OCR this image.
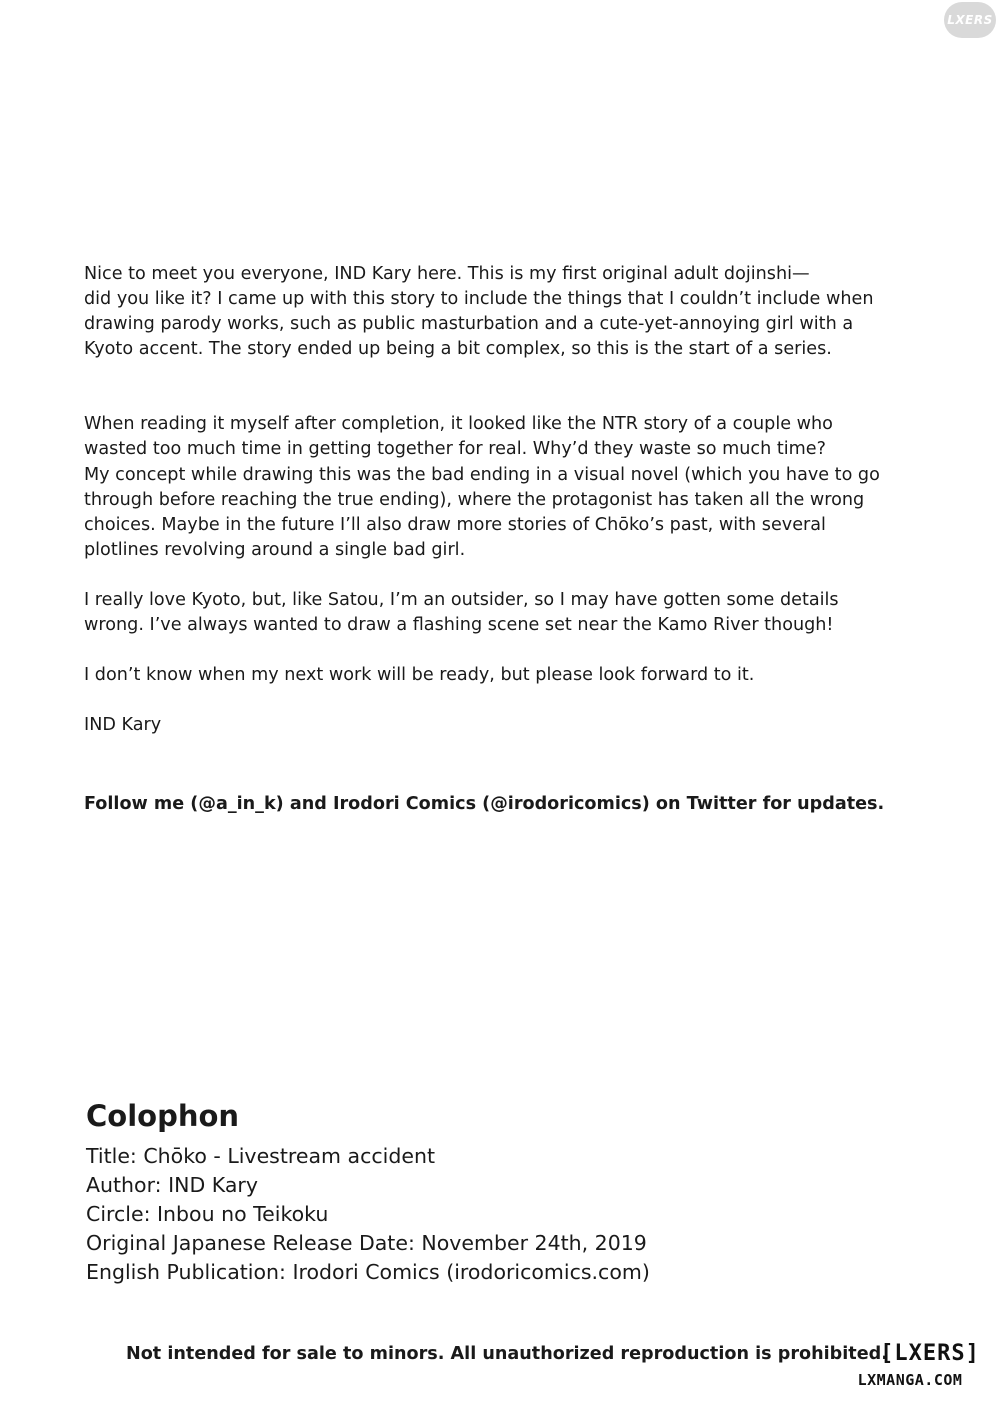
LXERS

Nice to meet you everyone, IND Kary here. This is my first original adult dojinshi—
did you like it? I came up with this story to include the things that I couldn’t include when
drawing parody works, such as public masturbation and a cute-yet-annoying girl with a
Kyoto accent. The story ended up being a bit complex, so this is the start of a series.

When reading it myself after completion, it looked like the NTR story of a couple who
wasted too much time in getting together for real. Why’d they waste so much time?
My concept while drawing this was the bad ending in a visual novel (which you have to go
through before reaching the true ending), where the protagonist has taken all the wrong
choices. Maybe in the future I’ll also draw more stories of Chōko’s past, with several
plotlines revolving around a single bad girl.

I really love Kyoto, but, like Satou, I’m an outsider, so I may have gotten some details
wrong. I’ve always wanted to draw a flashing scene set near the Kamo River though!

I don’t know when my next work will be ready, but please look forward to it.

IND Kary

Follow me (@a_in_k) and Irodori Comics (@irodoricomics) on Twitter for updates.
Colophon
Title: Chōko - Livestream accident
Author: IND Kary
Circle: Inbou no Teikoku
Original Japanese Release Date: November 24th, 2019
English Publication: Irodori Comics (irodoricomics.com)
Not intended for sale to minors. All unauthorized reproduction is prohibited.
[LXERS]
LXMANGA.COM
